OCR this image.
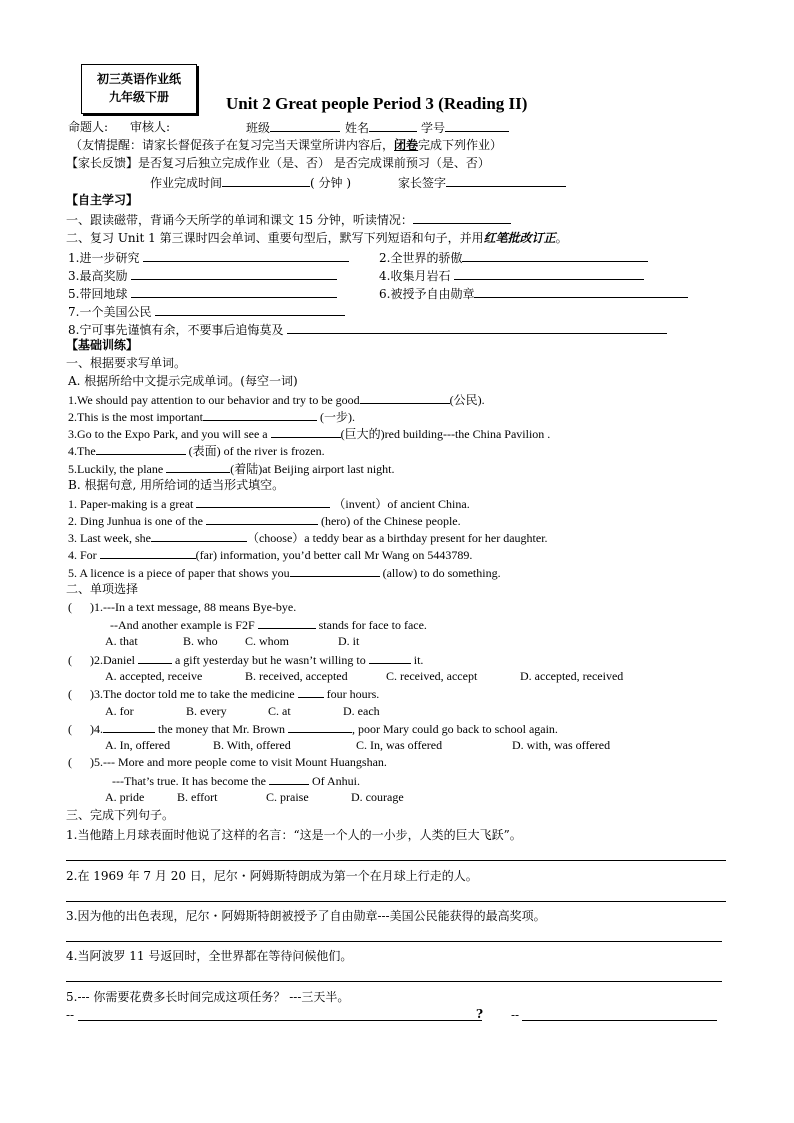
初三英语作业纸
九年级下册	Unit 2 Great people Period 3 (Reading II)
命题人: 审核人:	班级	姓名	学号
（友情提醒：请家长督促孩子在复习完当天课堂所讲内容后，闭卷完成下列作业）
【家长反馈】是否复习后独立完成作业（是、否） 是否完成课前预习（是、否）
作业完成时间	( 分钟 )	家长签字
【自主学习】
一、跟读磁带，背诵今天所学的单词和课文 15 分钟，听读情况：
二、复习 Unit 1 第三课时四会单词、重要句型后，默写下列短语和句子，并用红笔批改订正。
1.进一步研究	2.全世界的骄傲
3.最高奖励	4.收集月岩石
5.带回地球	6.被授予自由勋章
7.一个美国公民
8.宁可事先谨慎有余，不要事后追悔莫及
【基础训练】
一、根据要求写单词。
A. 根据所给中文提示完成单词。(每空一词)
1.We should pay attention to our behavior and try to be good	(公民).
2.This is the most important	(一步).
3.Go to the Expo Park, and you will see a	(巨大的)red building---the China Pavilion .
4.The	(表面) of the river is frozen.
5.Luckily, the plane	(着陆)at Beijing airport last night.
B. 根据句意, 用所给词的适当形式填空。
1. Paper-making is a great	（invent）of ancient China.
2. Ding Junhua is one of the	(hero) of the Chinese people.
3. Last week, she	（choose）a teddy bear as a birthday present for her daughter.
4. For	(far) information, you’d better call Mr Wang on 5443789.
5. A licence is a piece of paper that shows you	(allow) to do something.
二、单项选择
(      )1.---In a text message, 88 means Bye-bye.
--And another example is F2F	stands for face to face.
A. that	B. who C. whom	D. it
(      )2.Daniel	a gift yesterday but he wasn’t willing to	it.
A. accepted, receive	B. received, accepted	C. received, accept	D. accepted, received
(      )3.The doctor told me to take the medicine  four hours.
A. for	B. every	C. at	D. each
(      )4.	the money that Mr. Brown	, poor Mary could go back to school again.
A. In, offered	B. With, offered	C. In, was offered	D. with, was offered
(      )5.--- More and more people come to visit Mount Huangshan.
---That’s true. It has become the	Of Anhui.
A. pride	B. effort	C. praise	D. courage
三、完成下列句子。
1.当他踏上月球表面时他说了这样的名言：“这是一个人的一小步，人类的巨大飞跃”。
2.在 1969 年 7 月 20 日，尼尔・阿姆斯特朗成为第一个在月球上行走的人。
3.因为他的出色表现，尼尔・阿姆斯特朗被授予了自由勋章---美国公民能获得的最高奖项。
4.当阿波罗 11 号返回时，全世界都在等待问候他们。
5.--- 你需要花费多长时间完成这项任务？ ---三天半。
--	? --
